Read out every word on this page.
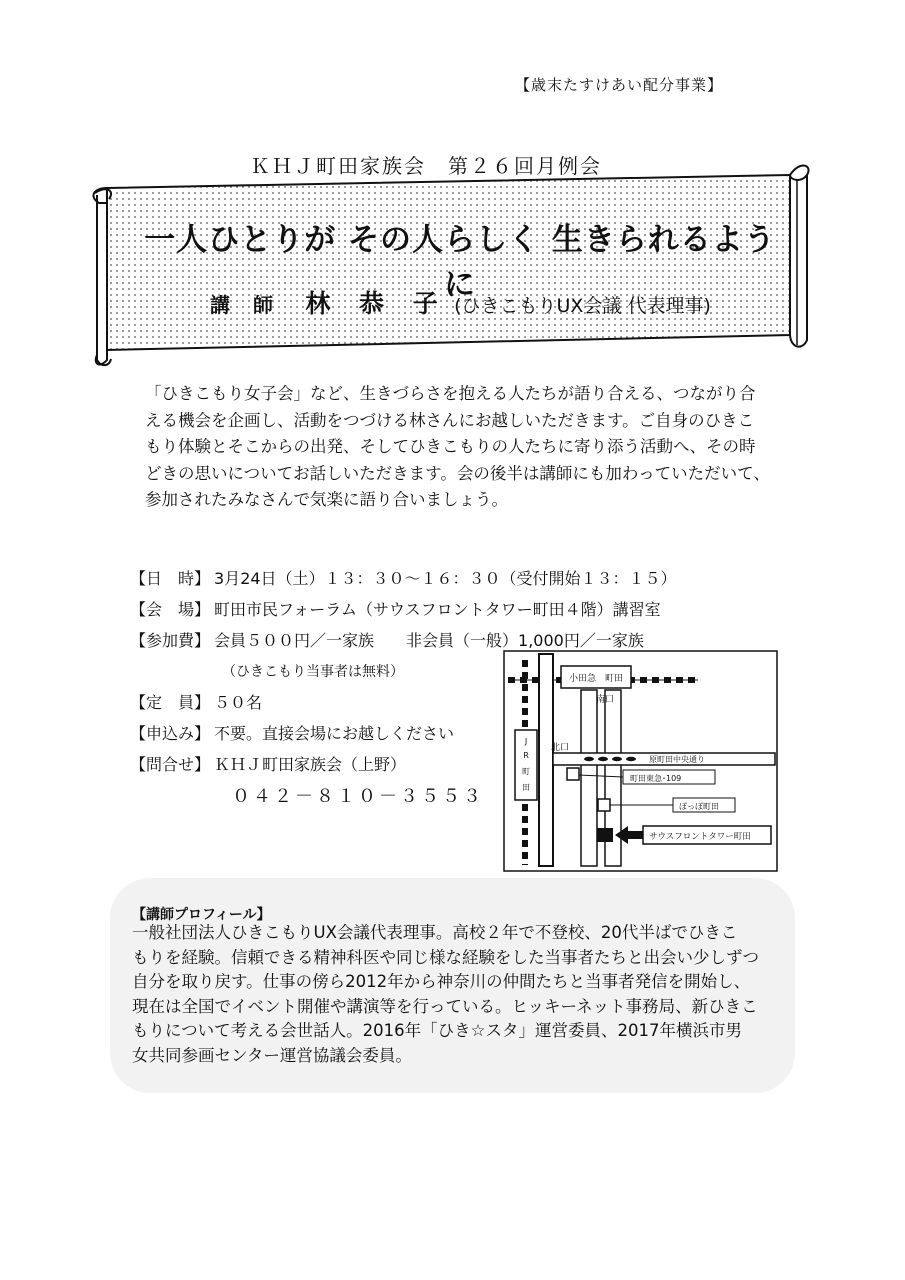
【歳末たすけあい配分事業】
ＫＨＪ町田家族会　第２６回月例会
一人ひとりが その人らしく 生きられるように
講 師 林 恭 子 (ひきこもりUX会議 代表理事)
「ひきこもり女子会」など、生きづらさを抱える人たちが語り合える、つながり合
える機会を企画し、活動をつづける林さんにお越しいただきます。ご自身のひきこ
もり体験とそこからの出発、そしてひきこもりの人たちに寄り添う活動へ、その時
どきの思いについてお話しいただきます。会の後半は講師にも加わっていただいて、
参加されたみなさんで気楽に語り合いましょう。
【日　時】 3月24日（土）１３：３０～１６：３０（受付開始１３：１５）
【会　場】 町田市民フォーラム（サウスフロントタワー町田４階）講習室
【参加費】 会員５００円／一家族　　非会員（一般）1,000円／一家族
（ひきこもり当事者は無料）
【定　員】 ５０名
【申込み】 不要。直接会場にお越しください
【問合せ】 ＫＨＪ町田家族会（上野）
０４２－８１０－３５５３
J
R
町
田
小田急　町田
南口
北口
原町田中央通り
町田東急･109
ぽっぽ町田
サウスフロントタワー町田
【講師プロフィール】
一般社団法人ひきこもりUX会議代表理事。高校２年で不登校、20代半ばでひきこ
もりを経験。信頼できる精神科医や同じ様な経験をした当事者たちと出会い少しずつ
自分を取り戻す。仕事の傍ら2012年から神奈川の仲間たちと当事者発信を開始し、
現在は全国でイベント開催や講演等を行っている。ヒッキーネット事務局、新ひきこ
もりについて考える会世話人。2016年「ひき☆スタ」運営委員、2017年横浜市男
女共同参画センター運営協議会委員。
